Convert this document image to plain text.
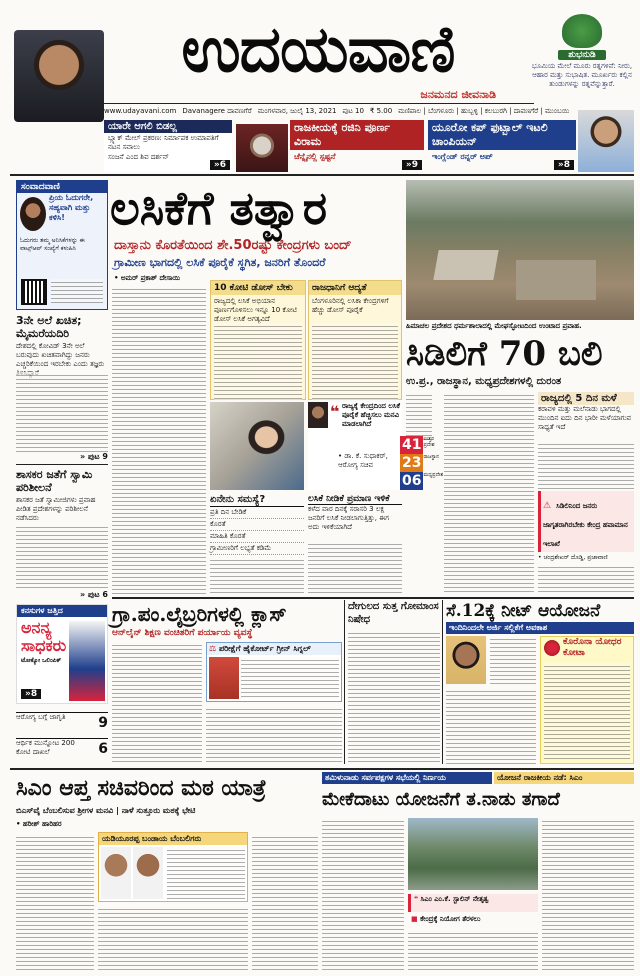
ಉದಯವಾಣಿ
ಜನಮನದ ಜೀವನಾಡಿ
ಶುಭನುಡಿ
ಭೂಮಿಯ ಮೇಲೆ ಮೂರು ರತ್ನಗಳಿವೆ: ನೀರು, ಆಹಾರ ಮತ್ತು ಸುಭಾಷಿತ. ಮೂರ್ಖರು ಕಲ್ಲಿನ ತುಂಡುಗಳನ್ನು ರತ್ನವೆನ್ನುತ್ತಾರೆ.
www.udayavani.com Davanagere ದಾವಣಗೆರೆ ಮಂಗಳವಾರ, ಜುಲೈ 13, 2021 ಪುಟ 10 ₹ 5.00 ಮಣಿಪಾಲ | ಬೆಂಗಳೂರು | ಹುಬ್ಬಳ್ಳಿ | ಕಲಬುರಗಿ | ದಾವಣಗೆರೆ | ಮುಂಬಯಿ
ಯಾರೇ ಆಗಲಿ ಬಿಡಲ್ಲ
ಬ್ಲ್ಯಾಕ್ ಮೇಲ್ ಪ್ರಕರಣ: ನಿರ್ಮಾಪಕ ಉಮಾಪತಿಗೆ ನಟನ ಸವಾಲು
ಸಂಜನೆ ಎಂದ ಶಿವ ದರ್ಶನ್
»6
ರಾಜಕೀಯಕ್ಕೆ ರಜಿನಿ ಪೂರ್ಣ ವಿರಾಮ
ಚೆನ್ನೈನಲ್ಲಿ ಸ್ಪಷ್ಟನೆ
»9
ಯೂರೋ ಕಪ್ ಫುಟ್ಬಾಲ್ ಇಟಲಿ ಚಾಂಪಿಯನ್
ಇಂಗ್ಲೆಂಡ್ ರನ್ನರ್ ಅಪ್
»8
ಸಂವಾದವಾಣಿ
ಪ್ರಿಯ ಓದುಗರೇ, ಸಹ್ಯವಾಗಿ ಮತ್ತು ಕಳಿಸಿ!
ಓದುಗರು ತಮ್ಮ ಅನಿಸಿಕೆಗಳನ್ನು ಈ ವಾಟ್ಸ್‌ಆಪ್ ಸಂಖ್ಯೆಗೆ ಕಳುಹಿಸಿ
3ನೇ ಅಲೆ ಖಚಿತ; ಮೈಮರೆಯದಿರಿ
ದೇಶದಲ್ಲಿ ಕೋವಿಡ್ 3ನೇ ಅಲೆ ಬರುವುದು ಖಚಿತವಾಗಿದ್ದು ಜನರು ಎಚ್ಚರಿಕೆಯಿಂದ ಇರಬೇಕು ಎಂದು ತಜ್ಞರು
» ಪುಟ 9
ಶಾಸಕರ ಜತೆಗೆ ಸ್ವಾಮಿ ಪರಿಶೀಲನೆ
ಶಾಸಕರ ಜತೆ ಸ್ವಾಮೀಜಿಗಳು ಪ್ರವಾಹ ಪೀಡಿತ ಪ್ರದೇಶಗಳನ್ನು ಪರಿಶೀಲನೆ ನಡೆಸಿದರು
» ಪುಟ 6
ಕನಸುಗಳ ಜತ್ತಿದ
ಅನನ್ಯ ಸಾಧಕರು
ಟೋಕ್ಯೋ ಒಲಿಂಪಿಕ್
»8
ಆರೋಗ್ಯ ಬಗ್ಗೆ ಜಾಗೃತಿ	9
ಆರ್ಥಿಕ ಮುನ್ನೋಟ 200 ಕೋಟಿ ದಾಖಲೆ	6
ಲಸಿಕೆಗೆ ತತ್ವಾರ
ದಾಸ್ತಾನು ಕೊರತೆಯಿಂದ ಶೇ.50ರಷ್ಟು ಕೇಂದ್ರಗಳು ಬಂದ್
ಗ್ರಾಮೀಣ ಭಾಗದಲ್ಲಿ ಲಸಿಕೆ ಪೂರೈಕೆ ಸ್ಥಗಿತ, ಜನರಿಗೆ ತೊಂದರೆ
• ಅಮರ್ ಪ್ರಕಾಶ್ ದೇಸಾಯಿ
10 ಕೋಟಿ ಡೋಸ್ ಬೇಕು
ರಾಜ್ಯದಲ್ಲಿ ಲಸಿಕೆ ಅಭಿಯಾನ ಪೂರ್ಣಗೊಳಿಸಲು ಇನ್ನೂ 10 ಕೋಟಿ ಡೋಸ್ ಲಸಿಕೆ ಅಗತ್ಯವಿದೆ
ರಾಜಧಾನಿಗೆ ಆದ್ಯತೆ
ಬೆಂಗಳೂರಿನಲ್ಲಿ ಲಸಿಕಾ ಕೇಂದ್ರಗಳಿಗೆ ಹೆಚ್ಚು ಡೋಸ್ ಪೂರೈಕೆ
❝ ರಾಜ್ಯಕ್ಕೆ ಕೇಂದ್ರದಿಂದ ಲಸಿಕೆ ಪೂರೈಕೆ ಹೆಚ್ಚಿಸಲು ಮನವಿ ಮಾಡಲಾಗಿದೆ
• ಡಾ. ಕೆ. ಸುಧಾಕರ್, ಆರೋಗ್ಯ ಸಚಿವ
ಏನೇನು ಸಮಸ್ಯೆ?
ಪ್ರತಿ ದಿನ ಬೇಡಿಕೆ
ಕೊರತೆ
ಮಾಹಿತಿ ಕೊರತೆ
ಗ್ರಾಮೀಣರಿಗೆ ಲಭ್ಯತೆ ಕಡಿಮೆ
ಲಸಿಕೆ ನೀಡಿಕೆ ಪ್ರಮಾಣ ಇಳಿಕೆ
ಕಳೆದ ವಾರ ದಿನಕ್ಕೆ ಸರಾಸರಿ 3 ಲಕ್ಷ ಜನರಿಗೆ ಲಸಿಕೆ ನೀಡಲಾಗುತ್ತಿತ್ತು, ಈಗ ಅದು ಇಳಿಕೆಯಾಗಿದೆ
ಹಿಮಾಚಲ ಪ್ರದೇಶದ ಧರ್ಮಶಾಲಾದಲ್ಲಿ ಮೇಘಸ್ಫೋಟದಿಂದ ಉಂಟಾದ ಪ್ರವಾಹ.
ಸಿಡಿಲಿಗೆ 70 ಬಲಿ
ಉ.ಪ್ರ., ರಾಜಸ್ಥಾನ, ಮಧ್ಯಪ್ರದೇಶಗಳಲ್ಲಿ ದುರಂತ
41 ಉತ್ತರ ಪ್ರದೇಶ
23 ರಾಜಸ್ಥಾನ
06 ಮಧ್ಯಪ್ರದೇಶ
ರಾಜ್ಯದಲ್ಲಿ 5 ದಿನ ಮಳೆ
ಕರಾವಳಿ ಮತ್ತು ಮಲೆನಾಡು ಭಾಗದಲ್ಲಿ ಮುಂದಿನ ಐದು ದಿನ ಭಾರೀ ಮಳೆಯಾಗುವ ಸಾಧ್ಯತೆ ಇದೆ
⚠ ಸಿಡಿಲಿನಿಂದ ಜನರು ಜಾಗೃತರಾಗಿರಬೇಕು ಕೇಂದ್ರ ಹವಾಮಾನ ಇಲಾಖೆ
• ಚಂದ್ರಶೇಖರ್ ದೊಡ್ಡಿ, ಪ್ರಜಾವಾಣಿ
ಗ್ರಾ.ಪಂ.ಲೈಬ್ರರಿಗಳಲ್ಲಿ ಕ್ಲಾಸ್
ಆನ್‌ಲೈನ್ ಶಿಕ್ಷಣ ವಂಚಿತರಿಗೆ ಪರ್ಯಾಯ ವ್ಯವಸ್ಥೆ
⚖ ಪರೀಕ್ಷೆಗೆ ಹೈಕೋರ್ಟ್ ಗ್ರೀನ್ ಸಿಗ್ನಲ್
ದೇಗುಲದ ಸುತ್ತ ಗೋಮಾಂಸ ನಿಷೇಧ	ಸೆ.12ಕ್ಕೆ ನೀಟ್ ಆಯೋಜನೆ
ಇಂದಿನಿಂದಲೇ ಅರ್ಜಿ ಸಲ್ಲಿಕೆಗೆ ಅವಕಾಶ
ಕೊರೊನಾ ಯೋಧರ ಕೋಟಾ
ಸಿಎಂ ಆಪ್ತ ಸಚಿವರಿಂದ ಮಠ ಯಾತ್ರೆ
ಬಿಎಸ್‌ವೈ ಬೆಂಬಲಿಸುವ ಶ್ರೀಗಳ ಮನವಿ | ನಾಳೆ ಸುತ್ತೂರು ಮಠಕ್ಕೆ ಭೇಟಿ
• ಹರೀಶ್ ಹಾರಿಹರ
ಯಡಿಯೂರಪ್ಪ ಬಂಡಾಯ ಬೆಂಬಲಿಗರು
ತಮಿಳುನಾಡು ಸರ್ವಪಕ್ಷಗಳ ಸಭೆಯಲ್ಲಿ ನಿರ್ಣಯ	ಯೋಜನೆ ರಾಜಕೀಯ ನಡೆ: ಸಿಎಂ
ಮೇಕೆದಾಟು ಯೋಜನೆಗೆ ತ.ನಾಡು ತಗಾದೆ
❝ ಸಿಎಂ ಎಂ.ಕೆ. ಸ್ಟಾಲಿನ್ ನೇತೃತ್ವ
■ ಕೇಂದ್ರಕ್ಕೆ ನಿಯೋಗ ತೆರಳಲು
